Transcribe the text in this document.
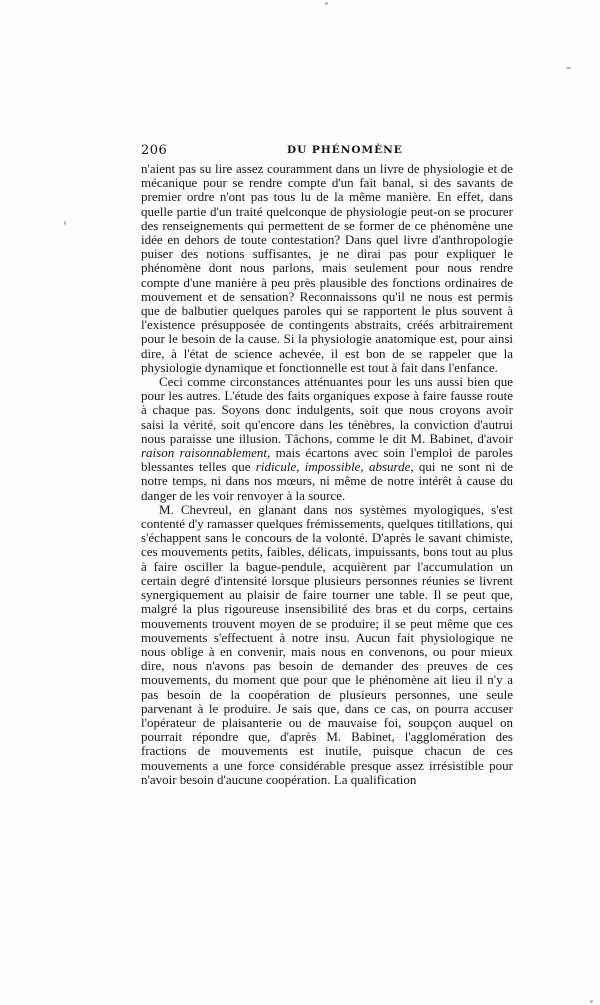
206	DU PHÉNOMÈNE

n'aient pas su lire assez couramment dans un livre de physiologie et de mécanique pour se rendre compte d'un fait banal, si des savants de premier ordre n'ont pas tous lu de la même manière. En effet, dans quelle partie d'un traité quelconque de physiologie peut-on se procurer des renseignements qui permettent de se former de ce phénomène une idée en dehors de toute contestation? Dans quel livre d'anthropologie puiser des notions suffisantes, je ne dirai pas pour expliquer le phénomène dont nous parlons, mais seulement pour nous rendre compte d'une manière à peu près plausible des fonctions ordinaires de mouvement et de sensation? Reconnaissons qu'il ne nous est permis que de balbutier quelques paroles qui se rapportent le plus souvent à l'existence présupposée de contingents abstraits, créés arbitrairement pour le besoin de la cause. Si la physiologie anatomique est, pour ainsi dire, à l'état de science achevée, il est bon de se rappeler que la physiologie dynamique et fonctionnelle est tout à fait dans l'enfance.

Ceci comme circonstances atténuantes pour les uns aussi bien que pour les autres. L'étude des faits organiques expose à faire fausse route à chaque pas. Soyons donc indulgents, soit que nous croyons avoir saisi la vérité, soit qu'encore dans les ténèbres, la conviction d'autrui nous paraisse une illusion. Tâchons, comme le dit M. Babinet, d'avoir raison raisonnablement, mais écartons avec soin l'emploi de paroles blessantes telles que ridicule, impossible, absurde, qui ne sont ni de notre temps, ni dans nos mœurs, ni même de notre intérêt à cause du danger de les voir renvoyer à la source.

M. Chevreul, en glanant dans nos systèmes myologiques, s'est contenté d'y ramasser quelques frémissements, quelques titillations, qui s'échappent sans le concours de la volonté. D'après le savant chimiste, ces mouvements petits, faibles, délicats, impuissants, bons tout au plus à faire osciller la bague-pendule, acquièrent par l'accumulation un certain degré d'intensité lorsque plusieurs personnes réunies se livrent synergiquement au plaisir de faire tourner une table. Il se peut que, malgré la plus rigoureuse insensibilité des bras et du corps, certains mouvements trouvent moyen de se produire; il se peut même que ces mouvements s'effectuent à notre insu. Aucun fait physiologique ne nous oblige à en convenir, mais nous en convenons, ou pour mieux dire, nous n'avons pas besoin de demander des preuves de ces mouvements, du moment que pour que le phénomène ait lieu il n'y a pas besoin de la coopération de plusieurs personnes, une seule parvenant à le produire. Je sais que, dans ce cas, on pourra accuser l'opérateur de plaisanterie ou de mauvaise foi, soupçon auquel on pourrait répondre que, d'après M. Babinet, l'agglomération des fractions de mouvements est inutile, puisque chacun de ces mouvements a une force considérable presque assez irrésistible pour n'avoir besoin d'aucune coopération. La qualification
